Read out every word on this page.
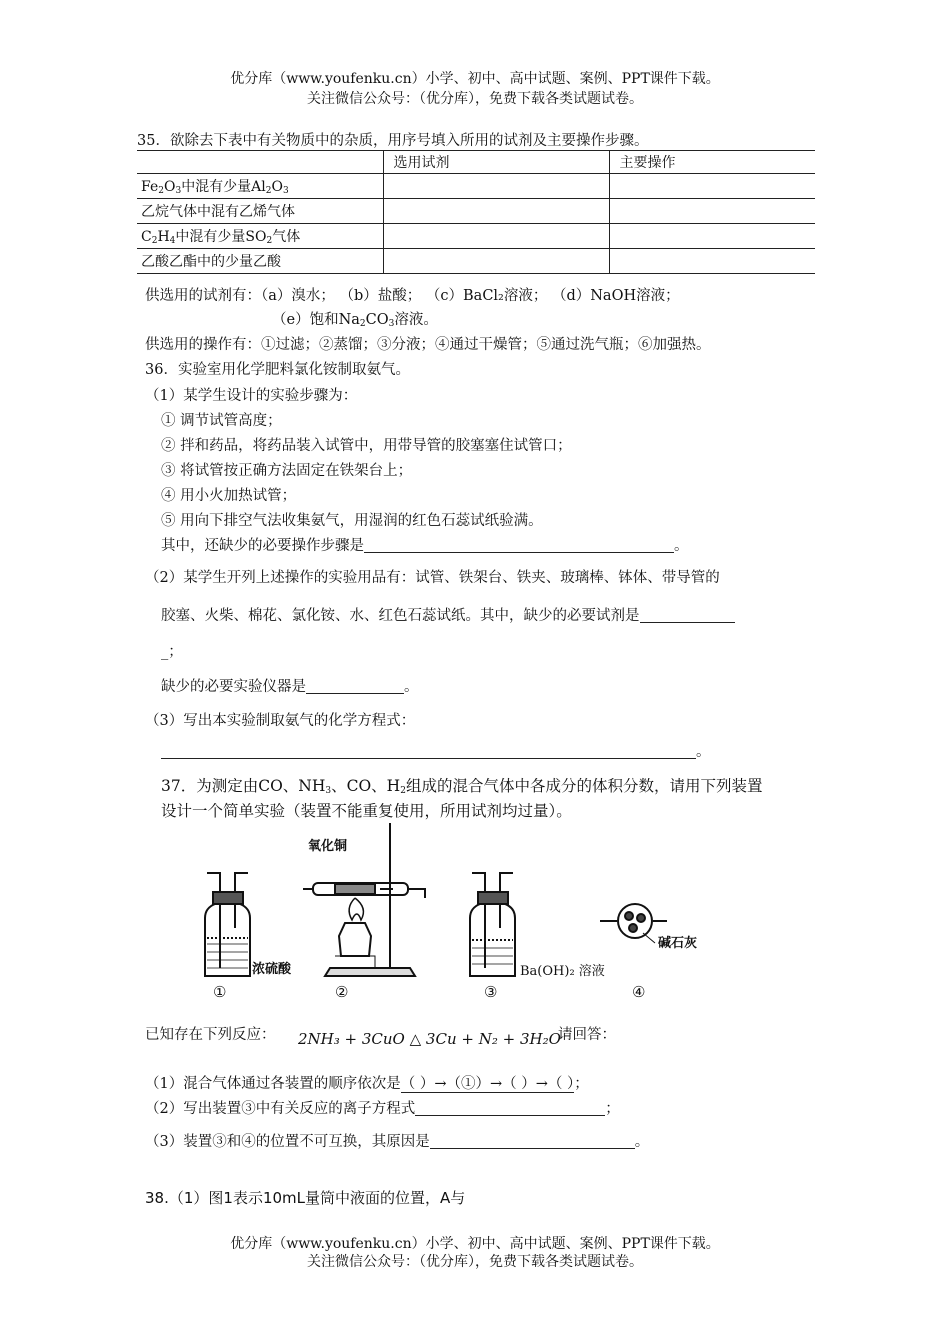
优分库（www.youfenku.cn）小学、初中、高中试题、案例、PPT课件下载。
关注微信公众号：（优分库），免费下载各类试题试卷。
35．欲除去下表中有关物质中的杂质，用序号填入所用的试剂及主要操作步骤。
	选用试剂	主要操作
$Fe_2O_3$中混有少量$Al_2O_3$		
乙烷气体中混有乙烯气体		
$C_2H_4$中混有少量$SO_2$气体		
乙酸乙酯中的少量乙酸		
供选用的试剂有：（a）溴水； （b）盐酸； （c）BaCl₂溶液； （d）NaOH溶液；
（e）饱和$Na_2CO_3$溶液。
供选用的操作有：①过滤；②蒸馏；③分液；④通过干燥管；⑤通过洗气瓶；⑥加强热。
36．实验室用化学肥料氯化铵制取氨气。
（1）某学生设计的实验步骤为：
① 调节试管高度；
② 拌和药品，将药品装入试管中，用带导管的胶塞塞住试管口；
③ 将试管按正确方法固定在铁架台上；
④ 用小火加热试管；
⑤ 用向下排空气法收集氨气，用湿润的红色石蕊试纸验满。
其中，还缺少的必要操作步骤是	。
（2）某学生开列上述操作的实验用品有：试管、铁架台、铁夹、玻璃棒、钵体、带导管的
胶塞、火柴、棉花、氯化铵、水、红色石蕊试纸。其中，缺少的必要试剂是
_；
缺少的必要实验仪器是	。
（3）写出本实验制取氨气的化学方程式：
。
37．为测定由CO、$NH_3$、CO、$H_2$组成的混合气体中各成分的体积分数，请用下列装置
设计一个简单实验（装置不能重复使用，所用试剂均过量）。
氧化铜
浓硫酸	Ba(OH)₂ 溶液
碱石灰
①	②	③	④
已知存在下列反应： 2NH₃ + 3CuO △ 3Cu + N₂ + 3H₂O
请回答：
（1）混合气体通过各装置的顺序依次是（ ）→（①）→（ ）→（ ）；
（2）写出装置③中有关反应的离子方程式	；
（3）装置③和④的位置不可互换，其原因是	。
38.（1）图1表示10mL量筒中液面的位置，A与
优分库（www.youfenku.cn）小学、初中、高中试题、案例、PPT课件下载。
关注微信公众号：（优分库），免费下载各类试题试卷。
